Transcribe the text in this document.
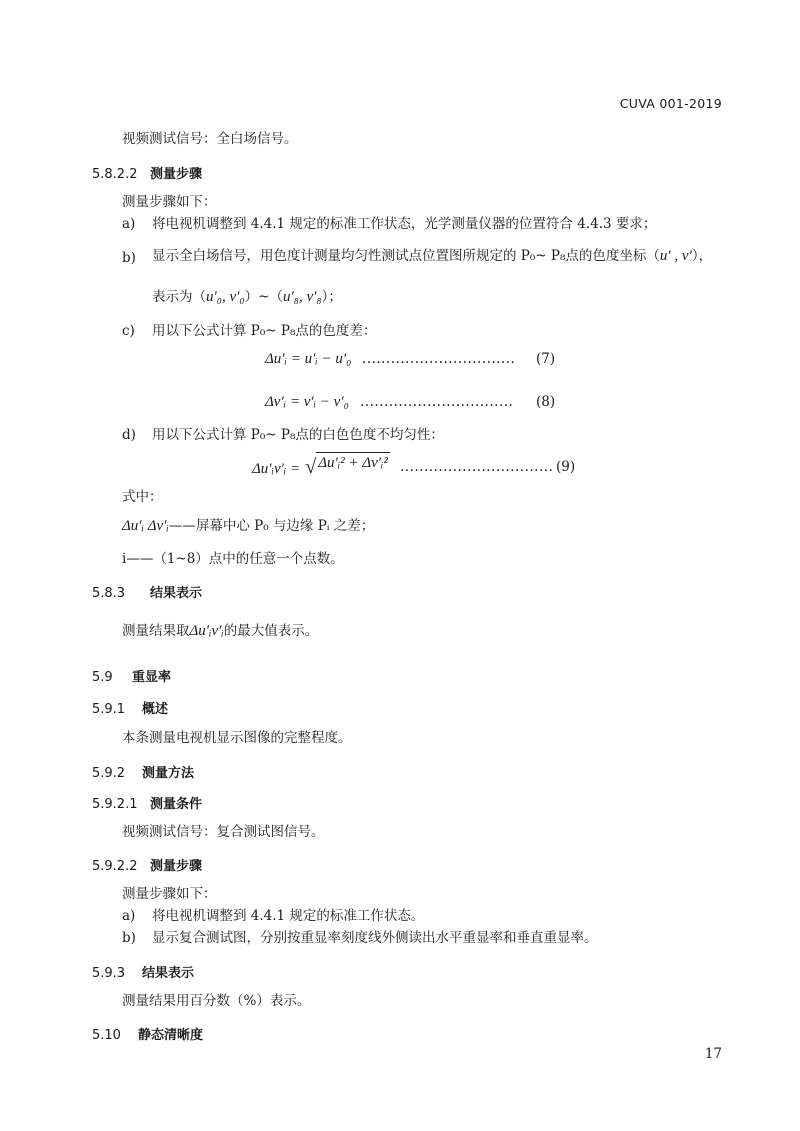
CUVA 001-2019
视频测试信号：全白场信号。
5.8.2.2 测量步骤
测量步骤如下：
a) 将电视机调整到 4.4.1 规定的标准工作状态，光学测量仪器的位置符合 4.4.3 要求；
b) 显示全白场信号，用色度计测量均匀性测试点位置图所规定的 P₀~ P₈点的色度坐标（u′ , v′），
表示为（u′₀, v′₀）~（u′₈, v′₈）；
c) 用以下公式计算 P₀~ P₈点的色度差：
Δu′ᵢ = u′ᵢ − u′₀ ................................ (7)
Δv′ᵢ = v′ᵢ − v′₀ ................................ (8)
d) 用以下公式计算 P₀~ P₈点的白色色度不均匀性：
Δu′ᵢv′ᵢ = √ Δu′ᵢ² + Δv′ᵢ² ................................ (9)
式中：
Δu′ᵢ Δv′ᵢ——屏幕中心 P₀ 与边缘 Pᵢ 之差；
i——（1~8）点中的任意一个点数。
5.8.3 结果表示
测量结果取Δu′ᵢv′ᵢ的最大值表示。
5.9 重显率
5.9.1 概述
本条测量电视机显示图像的完整程度。
5.9.2 测量方法
5.9.2.1 测量条件
视频测试信号：复合测试图信号。
5.9.2.2 测量步骤
测量步骤如下：
a) 将电视机调整到 4.4.1 规定的标准工作状态。
b) 显示复合测试图，分别按重显率刻度线外侧读出水平重显率和垂直重显率。
5.9.3 结果表示
测量结果用百分数（%）表示。
5.10 静态清晰度
17
